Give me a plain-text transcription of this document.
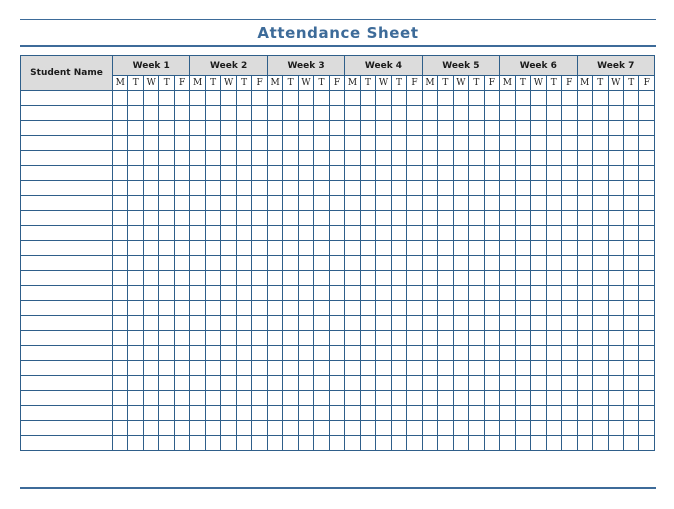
Attendance Sheet
Student Name	Week 1					Week 2					Week 3					Week 4					Week 5					Week 6					Week 7				
	M	T	W	T	F	M	T	W	T	F	M	T	W	T	F	M	T	W	T	F	M	T	W	T	F	M	T	W	T	F	M	T	W	T	F
